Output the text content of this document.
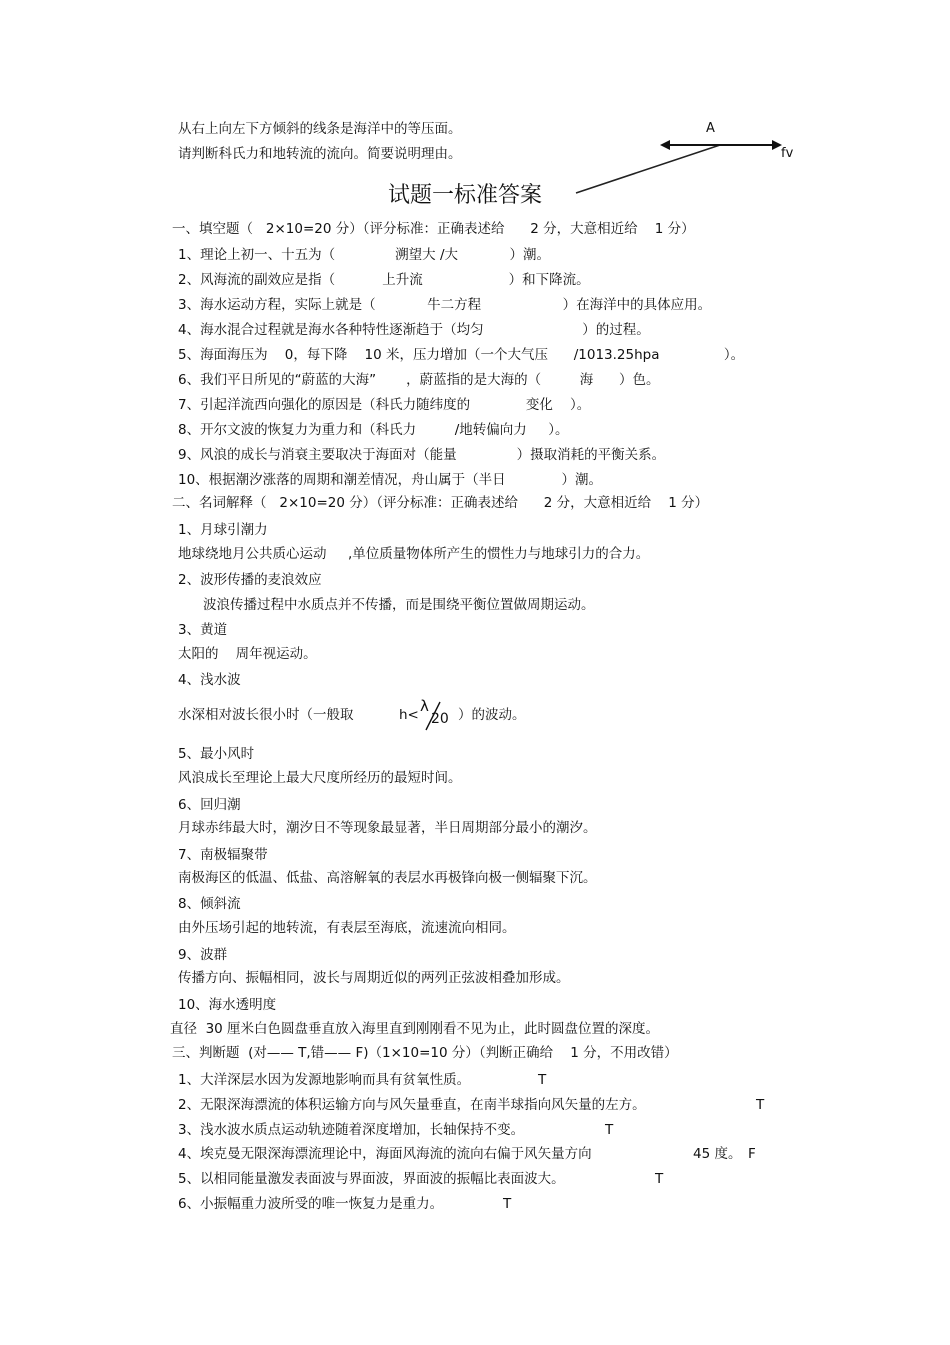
从右上向左下方倾斜的线条是海洋中的等压面。
请判断科氏力和地转流的流向。简要说明理由。
A
fv
试题一标准答案
一、填空题（   2×10=20 分）（评分标准：正确表述给      2 分，大意相近给    1 分）
1、理论上初一、十五为（              溯望大 /大            ）潮。
2、风海流的副效应是指（           上升流                    ）和下降流。
3、海水运动方程，实际上就是（            牛二方程                   ）在海洋中的具体应用。
4、海水混合过程就是海水各种特性逐渐趋于（均匀                       ）的过程。
5、海面海压为    0，每下降    10 米，压力增加（一个大气压      /1013.25hpa               ）。
6、我们平日所见的“蔚蓝的大海”       ，蔚蓝指的是大海的（         海      ）色。
7、引起洋流西向强化的原因是（科氏力随纬度的             变化    ）。
8、开尔文波的恢复力为重力和（科氏力         /地转偏向力     ）。
9、风浪的成长与消衰主要取决于海面对（能量              ）摄取消耗的平衡关系。
10、根据潮汐涨落的周期和潮差情况，舟山属于（半日             ）潮。
二、名词解释（   2×10=20 分）（评分标准：正确表述给      2 分，大意相近给    1 分）
1、月球引潮力
地球绕地月公共质心运动     ,单位质量物体所产生的惯性力与地球引力的合力。
2、波形传播的麦浪效应
波浪传播过程中水质点并不传播，而是围绕平衡位置做周期运动。
3、黄道
太阳的    周年视运动。
4、浅水波
水深相对波长很小时（一般取	h< λ
20 ）的波动。
5、最小风时
风浪成长至理论上最大尺度所经历的最短时间。
6、回归潮
月球赤纬最大时，潮汐日不等现象最显著，半日周期部分最小的潮汐。
7、南极辐聚带
南极海区的低温、低盐、高溶解氧的表层水再极锋向极一侧辐聚下沉。
8、倾斜流
由外压场引起的地转流，有表层至海底，流速流向相同。
9、波群
传播方向、振幅相同，波长与周期近似的两列正弦波相叠加形成。
10、海水透明度
直径  30 厘米白色圆盘垂直放入海里直到刚刚看不见为止，此时圆盘位置的深度。
三、判断题  (对—— T,错—— F)（1×10=10 分）（判断正确给    1 分，不用改错）
1、大洋深层水因为发源地影响而具有贫氧性质。	T
2、无限深海漂流的体积运输方向与风矢量垂直，在南半球指向风矢量的左方。	T
3、浅水波水质点运动轨迹随着深度增加，长轴保持不变。	T
4、埃克曼无限深海漂流理论中，海面风海流的流向右偏于风矢量方向	45 度。 F
5、以相同能量激发表面波与界面波，界面波的振幅比表面波大。	T
6、小振幅重力波所受的唯一恢复力是重力。	T
